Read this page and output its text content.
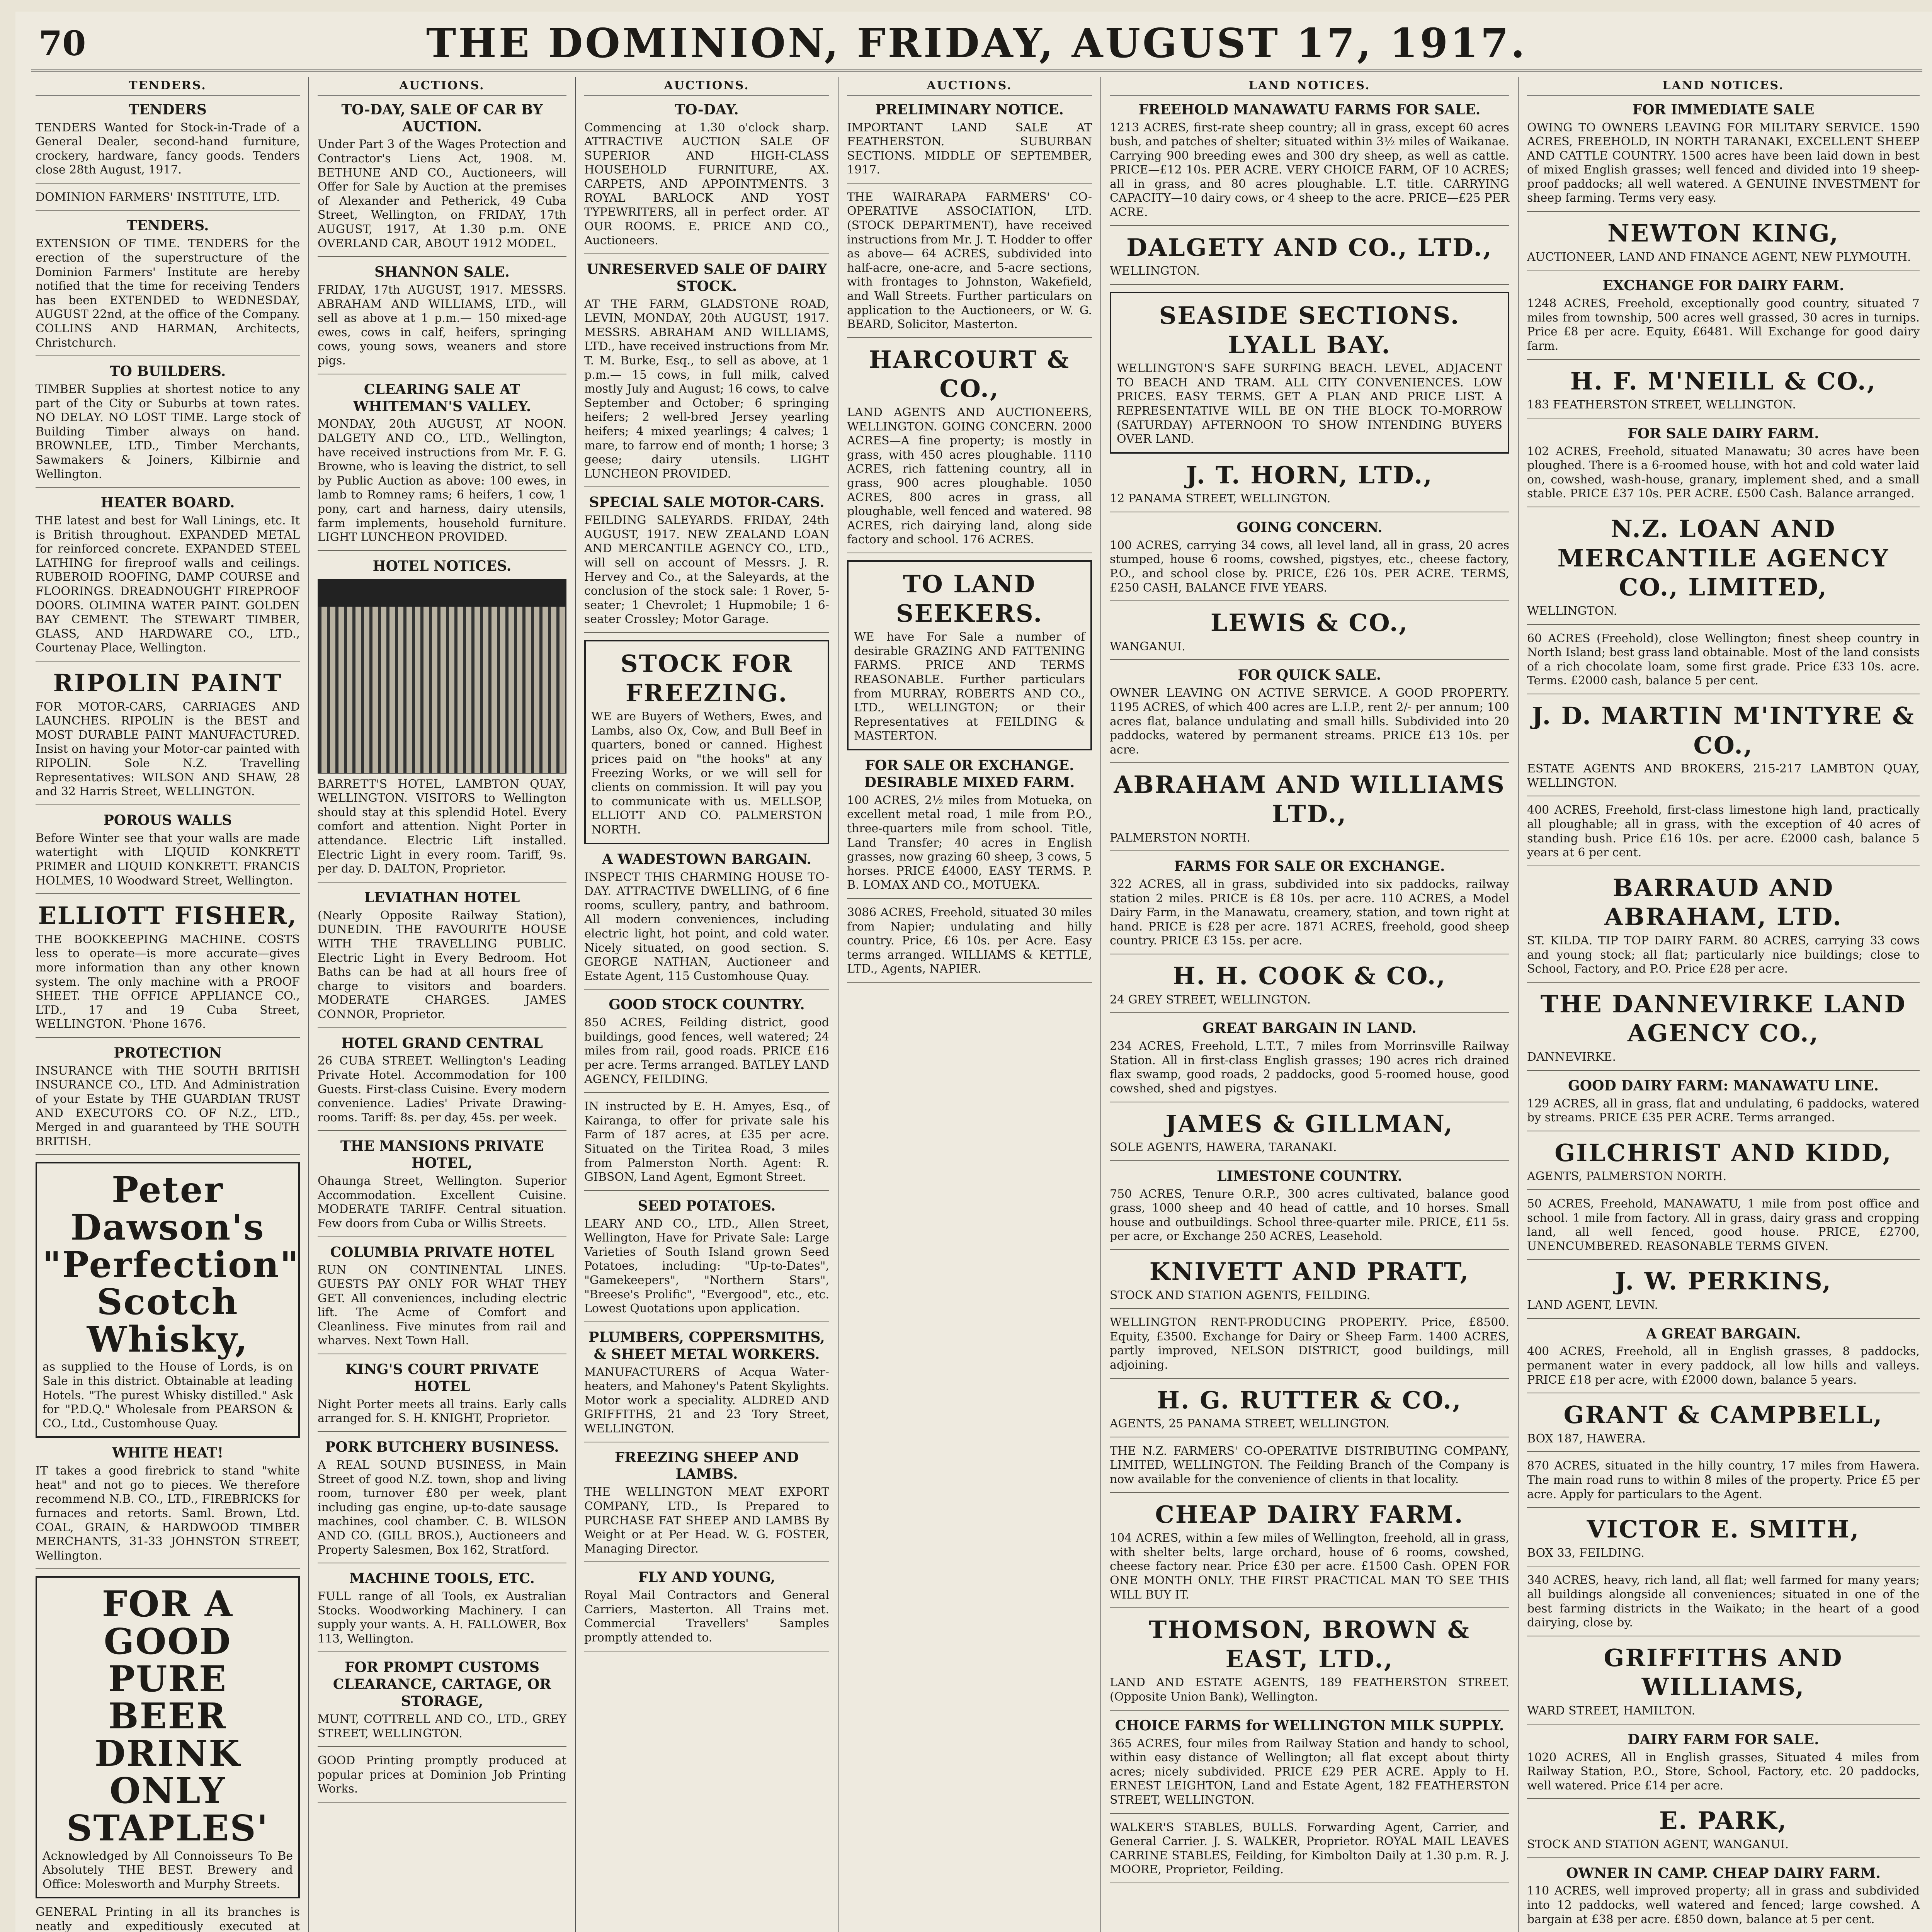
70	THE DOMINION, FRIDAY, AUGUST 17, 1917.
TENDERS.
TENDERS
TENDERS Wanted for Stock-in-Trade of a General Dealer, second-hand furniture, crockery, hardware, fancy goods. Tenders close 28th August, 1917.
DOMINION FARMERS' INSTITUTE, LTD.
TENDERS.
EXTENSION OF TIME. TENDERS for the erection of the superstructure of the Dominion Farmers' Institute are hereby notified that the time for receiving Tenders has been EXTENDED to WEDNESDAY, AUGUST 22nd, at the office of the Company. COLLINS AND HARMAN, Architects, Christchurch.
TO BUILDERS.
TIMBER Supplies at shortest notice to any part of the City or Suburbs at town rates. NO DELAY. NO LOST TIME. Large stock of Building Timber always on hand. BROWNLEE, LTD., Timber Merchants, Sawmakers & Joiners, Kilbirnie and Wellington.
HEATER BOARD.
THE latest and best for Wall Linings, etc. It is British throughout. EXPANDED METAL for reinforced concrete. EXPANDED STEEL LATHING for fireproof walls and ceilings. RUBEROID ROOFING, DAMP COURSE and FLOORINGS. DREADNOUGHT FIREPROOF DOORS. OLIMINA WATER PAINT. GOLDEN BAY CEMENT. The STEWART TIMBER, GLASS, AND HARDWARE CO., LTD., Courtenay Place, Wellington.
RIPOLIN PAINT
FOR MOTOR-CARS, CARRIAGES AND LAUNCHES. RIPOLIN is the BEST and MOST DURABLE PAINT MANUFACTURED. Insist on having your Motor-car painted with RIPOLIN. Sole N.Z. Travelling Representatives: WILSON AND SHAW, 28 and 32 Harris Street, WELLINGTON.
POROUS WALLS
Before Winter see that your walls are made watertight with LIQUID KONKRETT PRIMER and LIQUID KONKRETT. FRANCIS HOLMES, 10 Woodward Street, Wellington.
ELLIOTT FISHER,
THE BOOKKEEPING MACHINE. COSTS less to operate—is more accurate—gives more information than any other known system. The only machine with a PROOF SHEET. THE OFFICE APPLIANCE CO., LTD., 17 and 19 Cuba Street, WELLINGTON. 'Phone 1676.
PROTECTION
INSURANCE with THE SOUTH BRITISH INSURANCE CO., LTD. And Administration of your Estate by THE GUARDIAN TRUST AND EXECUTORS CO. OF N.Z., LTD., Merged in and guaranteed by THE SOUTH BRITISH.
Peter Dawson's "Perfection" Scotch Whisky,
as supplied to the House of Lords, is on Sale in this district. Obtainable at leading Hotels. "The purest Whisky distilled." Ask for "P.D.Q." Wholesale from PEARSON & CO., Ltd., Customhouse Quay.
WHITE HEAT!
IT takes a good firebrick to stand "white heat" and not go to pieces. We therefore recommend N.B. CO., LTD., FIREBRICKS for furnaces and retorts. Saml. Brown, Ltd. COAL, GRAIN, & HARDWOOD TIMBER MERCHANTS, 31-33 JOHNSTON STREET, Wellington.
FOR A GOOD PURE BEER DRINK ONLY STAPLES'
Acknowledged by All Connoisseurs To Be Absolutely THE BEST. Brewery and Office: Molesworth and Murphy Streets.
GENERAL Printing in all its branches is neatly and expeditiously executed at
AUCTIONS.
TO-DAY, SALE OF CAR BY AUCTION.
Under Part 3 of the Wages Protection and Contractor's Liens Act, 1908. M. BETHUNE AND CO., Auctioneers, will Offer for Sale by Auction at the premises of Alexander and Petherick, 49 Cuba Street, Wellington, on FRIDAY, 17th AUGUST, 1917, At 1.30 p.m. ONE OVERLAND CAR, ABOUT 1912 MODEL.
SHANNON SALE.
FRIDAY, 17th AUGUST, 1917. MESSRS. ABRAHAM AND WILLIAMS, LTD., will sell as above at 1 p.m.— 150 mixed-age ewes, cows in calf, heifers, springing cows, young sows, weaners and store pigs.
CLEARING SALE AT WHITEMAN'S VALLEY.
MONDAY, 20th AUGUST, AT NOON. DALGETY AND CO., LTD., Wellington, have received instructions from Mr. F. G. Browne, who is leaving the district, to sell by Public Auction as above: 100 ewes, in lamb to Romney rams; 6 heifers, 1 cow, 1 pony, cart and harness, dairy utensils, farm implements, household furniture. LIGHT LUNCHEON PROVIDED.
HOTEL NOTICES.
BARRETT'S HOTEL, LAMBTON QUAY, WELLINGTON. VISITORS to Wellington should stay at this splendid Hotel. Every comfort and attention. Night Porter in attendance. Electric Lift installed. Electric Light in every room. Tariff, 9s. per day. D. DALTON, Proprietor.
LEVIATHAN HOTEL
(Nearly Opposite Railway Station), DUNEDIN. THE FAVOURITE HOUSE WITH THE TRAVELLING PUBLIC. Electric Light in Every Bedroom. Hot Baths can be had at all hours free of charge to visitors and boarders. MODERATE CHARGES. JAMES CONNOR, Proprietor.
HOTEL GRAND CENTRAL
26 CUBA STREET. Wellington's Leading Private Hotel. Accommodation for 100 Guests. First-class Cuisine. Every modern convenience. Ladies' Private Drawing-rooms. Tariff: 8s. per day, 45s. per week.
THE MANSIONS PRIVATE HOTEL,
Ohaunga Street, Wellington. Superior Accommodation. Excellent Cuisine. MODERATE TARIFF. Central situation. Few doors from Cuba or Willis Streets.
COLUMBIA PRIVATE HOTEL
RUN ON CONTINENTAL LINES. GUESTS PAY ONLY FOR WHAT THEY GET. All conveniences, including electric lift. The Acme of Comfort and Cleanliness. Five minutes from rail and wharves. Next Town Hall.
KING'S COURT PRIVATE HOTEL
Night Porter meets all trains. Early calls arranged for. S. H. KNIGHT, Proprietor.
PORK BUTCHERY BUSINESS.
A REAL SOUND BUSINESS, in Main Street of good N.Z. town, shop and living room, turnover £80 per week, plant including gas engine, up-to-date sausage machines, cool chamber. C. B. WILSON AND CO. (GILL BROS.), Auctioneers and Property Salesmen, Box 162, Stratford.
MACHINE TOOLS, ETC.
FULL range of all Tools, ex Australian Stocks. Woodworking Machinery. I can supply your wants. A. H. FALLOWER, Box 113, Wellington.
FOR PROMPT CUSTOMS CLEARANCE, CARTAGE, OR STORAGE,
MUNT, COTTRELL AND CO., LTD., GREY STREET, WELLINGTON.
GOOD Printing promptly produced at popular prices at Dominion Job Printing Works.
AUCTIONS.
TO-DAY.
Commencing at 1.30 o'clock sharp. ATTRACTIVE AUCTION SALE OF SUPERIOR AND HIGH-CLASS HOUSEHOLD FURNITURE, AX. CARPETS, AND APPOINTMENTS. 3 ROYAL BARLOCK AND YOST TYPEWRITERS, all in perfect order. AT OUR ROOMS. E. PRICE AND CO., Auctioneers.
UNRESERVED SALE OF DAIRY STOCK.
AT THE FARM, GLADSTONE ROAD, LEVIN, MONDAY, 20th AUGUST, 1917. MESSRS. ABRAHAM AND WILLIAMS, LTD., have received instructions from Mr. T. M. Burke, Esq., to sell as above, at 1 p.m.— 15 cows, in full milk, calved mostly July and August; 16 cows, to calve September and October; 6 springing heifers; 2 well-bred Jersey yearling heifers; 4 mixed yearlings; 4 calves; 1 mare, to farrow end of month; 1 horse; 3 geese; dairy utensils. LIGHT LUNCHEON PROVIDED.
SPECIAL SALE MOTOR-CARS.
FEILDING SALEYARDS. FRIDAY, 24th AUGUST, 1917. NEW ZEALAND LOAN AND MERCANTILE AGENCY CO., LTD., will sell on account of Messrs. J. R. Hervey and Co., at the Saleyards, at the conclusion of the stock sale: 1 Rover, 5-seater; 1 Chevrolet; 1 Hupmobile; 1 6-seater Crossley; Motor Garage.
STOCK FOR FREEZING.
WE are Buyers of Wethers, Ewes, and Lambs, also Ox, Cow, and Bull Beef in quarters, boned or canned. Highest prices paid on "the hooks" at any Freezing Works, or we will sell for clients on commission. It will pay you to communicate with us. MELLSOP, ELLIOTT AND CO. PALMERSTON NORTH.
A WADESTOWN BARGAIN.
INSPECT THIS CHARMING HOUSE TO-DAY. ATTRACTIVE DWELLING, of 6 fine rooms, scullery, pantry, and bathroom. All modern conveniences, including electric light, hot point, and cold water. Nicely situated, on good section. S. GEORGE NATHAN, Auctioneer and Estate Agent, 115 Customhouse Quay.
GOOD STOCK COUNTRY.
850 ACRES, Feilding district, good buildings, good fences, well watered; 24 miles from rail, good roads. PRICE £16 per acre. Terms arranged. BATLEY LAND AGENCY, FEILDING.
IN instructed by E. H. Amyes, Esq., of Kairanga, to offer for private sale his Farm of 187 acres, at £35 per acre. Situated on the Tiritea Road, 3 miles from Palmerston North. Agent: R. GIBSON, Land Agent, Egmont Street.
SEED POTATOES.
LEARY AND CO., LTD., Allen Street, Wellington, Have for Private Sale: Large Varieties of South Island grown Seed Potatoes, including: "Up-to-Dates", "Gamekeepers", "Northern Stars", "Breese's Prolific", "Evergood", etc., etc. Lowest Quotations upon application.
PLUMBERS, COPPERSMITHS, & SHEET METAL WORKERS.
MANUFACTURERS of Acqua Water-heaters, and Mahoney's Patent Skylights. Motor work a speciality. ALDRED AND GRIFFITHS, 21 and 23 Tory Street, WELLINGTON.
FREEZING SHEEP AND LAMBS.
THE WELLINGTON MEAT EXPORT COMPANY, LTD., Is Prepared to PURCHASE FAT SHEEP AND LAMBS By Weight or at Per Head. W. G. FOSTER, Managing Director.
FLY AND YOUNG,
Royal Mail Contractors and General Carriers, Masterton. All Trains met. Commercial Travellers' Samples promptly attended to.
AUCTIONS.
PRELIMINARY NOTICE.
IMPORTANT LAND SALE AT FEATHERSTON. SUBURBAN SECTIONS. MIDDLE OF SEPTEMBER, 1917.
THE WAIRARAPA FARMERS' CO-OPERATIVE ASSOCIATION, LTD. (STOCK DEPARTMENT), have received instructions from Mr. J. T. Hodder to offer as above— 64 ACRES, subdivided into half-acre, one-acre, and 5-acre sections, with frontages to Johnston, Wakefield, and Wall Streets. Further particulars on application to the Auctioneers, or W. G. BEARD, Solicitor, Masterton.
HARCOURT & CO.,
LAND AGENTS AND AUCTIONEERS, WELLINGTON. GOING CONCERN. 2000 ACRES—A fine property; is mostly in grass, with 450 acres ploughable. 1110 ACRES, rich fattening country, all in grass, 900 acres ploughable. 1050 ACRES, 800 acres in grass, all ploughable, well fenced and watered. 98 ACRES, rich dairying land, along side factory and school. 176 ACRES.
TO LAND SEEKERS.
WE have For Sale a number of desirable GRAZING AND FATTENING FARMS. PRICE AND TERMS REASONABLE. Further particulars from MURRAY, ROBERTS AND CO., LTD., WELLINGTON; or their Representatives at FEILDING & MASTERTON.
FOR SALE OR EXCHANGE. DESIRABLE MIXED FARM.
100 ACRES, 2½ miles from Motueka, on excellent metal road, 1 mile from P.O., three-quarters mile from school. Title, Land Transfer; 40 acres in English grasses, now grazing 60 sheep, 3 cows, 5 horses. PRICE £4000, EASY TERMS. P. B. LOMAX AND CO., MOTUEKA.
3086 ACRES, Freehold, situated 30 miles from Napier; undulating and hilly country. Price, £6 10s. per Acre. Easy terms arranged. WILLIAMS & KETTLE, LTD., Agents, NAPIER.
LAND NOTICES.
FREEHOLD MANAWATU FARMS FOR SALE.
1213 ACRES, first-rate sheep country; all in grass, except 60 acres bush, and patches of shelter; situated within 3½ miles of Waikanae. Carrying 900 breeding ewes and 300 dry sheep, as well as cattle. PRICE—£12 10s. PER ACRE. VERY CHOICE FARM, OF 10 ACRES; all in grass, and 80 acres ploughable. L.T. title. CARRYING CAPACITY—10 dairy cows, or 4 sheep to the acre. PRICE—£25 PER ACRE.
DALGETY AND CO., LTD.,
WELLINGTON.
SEASIDE SECTIONS. LYALL BAY.
WELLINGTON'S SAFE SURFING BEACH. LEVEL, ADJACENT TO BEACH AND TRAM. ALL CITY CONVENIENCES. LOW PRICES. EASY TERMS. GET A PLAN AND PRICE LIST. A REPRESENTATIVE WILL BE ON THE BLOCK TO-MORROW (SATURDAY) AFTERNOON TO SHOW INTENDING BUYERS OVER LAND.
J. T. HORN, LTD.,
12 PANAMA STREET, WELLINGTON.
GOING CONCERN.
100 ACRES, carrying 34 cows, all level land, all in grass, 20 acres stumped, house 6 rooms, cowshed, pigstyes, etc., cheese factory, P.O., and school close by. PRICE, £26 10s. PER ACRE. TERMS, £250 CASH, BALANCE FIVE YEARS.
LEWIS & CO.,
WANGANUI.
FOR QUICK SALE.
OWNER LEAVING ON ACTIVE SERVICE. A GOOD PROPERTY. 1195 ACRES, of which 400 acres are L.I.P., rent 2/- per annum; 100 acres flat, balance undulating and small hills. Subdivided into 20 paddocks, watered by permanent streams. PRICE £13 10s. per acre.
ABRAHAM AND WILLIAMS LTD.,
PALMERSTON NORTH.
FARMS FOR SALE OR EXCHANGE.
322 ACRES, all in grass, subdivided into six paddocks, railway station 2 miles. PRICE is £8 10s. per acre. 110 ACRES, a Model Dairy Farm, in the Manawatu, creamery, station, and town right at hand. PRICE is £28 per acre. 1871 ACRES, freehold, good sheep country. PRICE £3 15s. per acre.
H. H. COOK & CO.,
24 GREY STREET, WELLINGTON.
GREAT BARGAIN IN LAND.
234 ACRES, Freehold, L.T.T., 7 miles from Morrinsville Railway Station. All in first-class English grasses; 190 acres rich drained flax swamp, good roads, 2 paddocks, good 5-roomed house, good cowshed, shed and pigstyes.
JAMES & GILLMAN,
SOLE AGENTS, HAWERA, TARANAKI.
LIMESTONE COUNTRY.
750 ACRES, Tenure O.R.P., 300 acres cultivated, balance good grass, 1000 sheep and 40 head of cattle, and 10 horses. Small house and outbuildings. School three-quarter mile. PRICE, £11 5s. per acre, or Exchange 250 ACRES, Leasehold.
KNIVETT AND PRATT,
STOCK AND STATION AGENTS, FEILDING.
WELLINGTON RENT-PRODUCING PROPERTY. Price, £8500. Equity, £3500. Exchange for Dairy or Sheep Farm. 1400 ACRES, partly improved, NELSON DISTRICT, good buildings, mill adjoining.
H. G. RUTTER & CO.,
AGENTS, 25 PANAMA STREET, WELLINGTON.
THE N.Z. FARMERS' CO-OPERATIVE DISTRIBUTING COMPANY, LIMITED, WELLINGTON. The Feilding Branch of the Company is now available for the convenience of clients in that locality.
CHEAP DAIRY FARM.
104 ACRES, within a few miles of Wellington, freehold, all in grass, with shelter belts, large orchard, house of 6 rooms, cowshed, cheese factory near. Price £30 per acre. £1500 Cash. OPEN FOR ONE MONTH ONLY. THE FIRST PRACTICAL MAN TO SEE THIS WILL BUY IT.
THOMSON, BROWN & EAST, LTD.,
LAND AND ESTATE AGENTS, 189 FEATHERSTON STREET. (Opposite Union Bank), Wellington.
CHOICE FARMS for WELLINGTON MILK SUPPLY.
365 ACRES, four miles from Railway Station and handy to school, within easy distance of Wellington; all flat except about thirty acres; nicely subdivided. PRICE £29 PER ACRE. Apply to H. ERNEST LEIGHTON, Land and Estate Agent, 182 FEATHERSTON STREET, WELLINGTON.
WALKER'S STABLES, BULLS. Forwarding Agent, Carrier, and General Carrier. J. S. WALKER, Proprietor. ROYAL MAIL LEAVES CARRINE STABLES, Feilding, for Kimbolton Daily at 1.30 p.m. R. J. MOORE, Proprietor, Feilding.
LAND NOTICES.
FOR IMMEDIATE SALE
OWING TO OWNERS LEAVING FOR MILITARY SERVICE. 1590 ACRES, FREEHOLD, IN NORTH TARANAKI, EXCELLENT SHEEP AND CATTLE COUNTRY. 1500 acres have been laid down in best of mixed English grasses; well fenced and divided into 19 sheep-proof paddocks; all well watered. A GENUINE INVESTMENT for sheep farming. Terms very easy.
NEWTON KING,
AUCTIONEER, LAND AND FINANCE AGENT, NEW PLYMOUTH.
EXCHANGE FOR DAIRY FARM.
1248 ACRES, Freehold, exceptionally good country, situated 7 miles from township, 500 acres well grassed, 30 acres in turnips. Price £8 per acre. Equity, £6481. Will Exchange for good dairy farm.
H. F. M'NEILL & CO.,
183 FEATHERSTON STREET, WELLINGTON.
FOR SALE DAIRY FARM.
102 ACRES, Freehold, situated Manawatu; 30 acres have been ploughed. There is a 6-roomed house, with hot and cold water laid on, cowshed, wash-house, granary, implement shed, and a small stable. PRICE £37 10s. PER ACRE. £500 Cash. Balance arranged.
N.Z. LOAN AND MERCANTILE AGENCY CO., LIMITED,
WELLINGTON.
60 ACRES (Freehold), close Wellington; finest sheep country in North Island; best grass land obtainable. Most of the land consists of a rich chocolate loam, some first grade. Price £33 10s. acre. Terms. £2000 cash, balance 5 per cent.
J. D. MARTIN M'INTYRE & CO.,
ESTATE AGENTS AND BROKERS, 215-217 LAMBTON QUAY, WELLINGTON.
400 ACRES, Freehold, first-class limestone high land, practically all ploughable; all in grass, with the exception of 40 acres of standing bush. Price £16 10s. per acre. £2000 cash, balance 5 years at 6 per cent.
BARRAUD AND ABRAHAM, LTD.
ST. KILDA. TIP TOP DAIRY FARM. 80 ACRES, carrying 33 cows and young stock; all flat; particularly nice buildings; close to School, Factory, and P.O. Price £28 per acre.
THE DANNEVIRKE LAND AGENCY CO.,
DANNEVIRKE.
GOOD DAIRY FARM: MANAWATU LINE.
129 ACRES, all in grass, flat and undulating, 6 paddocks, watered by streams. PRICE £35 PER ACRE. Terms arranged.
GILCHRIST AND KIDD,
AGENTS, PALMERSTON NORTH.
50 ACRES, Freehold, MANAWATU, 1 mile from post office and school. 1 mile from factory. All in grass, dairy grass and cropping land, all well fenced, good house. PRICE, £2700, UNENCUMBERED. REASONABLE TERMS GIVEN.
J. W. PERKINS,
LAND AGENT, LEVIN.
A GREAT BARGAIN.
400 ACRES, Freehold, all in English grasses, 8 paddocks, permanent water in every paddock, all low hills and valleys. PRICE £18 per acre, with £2000 down, balance 5 years.
GRANT & CAMPBELL,
BOX 187, HAWERA.
870 ACRES, situated in the hilly country, 17 miles from Hawera. The main road runs to within 8 miles of the property. Price £5 per acre. Apply for particulars to the Agent.
VICTOR E. SMITH,
BOX 33, FEILDING.
340 ACRES, heavy, rich land, all flat; well farmed for many years; all buildings alongside all conveniences; situated in one of the best farming districts in the Waikato; in the heart of a good dairying, close by.
GRIFFITHS AND WILLIAMS,
WARD STREET, HAMILTON.
DAIRY FARM FOR SALE.
1020 ACRES, All in English grasses, Situated 4 miles from Railway Station, P.O., Store, School, Factory, etc. 20 paddocks, well watered. Price £14 per acre.
E. PARK,
STOCK AND STATION AGENT, WANGANUI.
OWNER IN CAMP. CHEAP DAIRY FARM.
110 ACRES, well improved property; all in grass and subdivided into 12 paddocks, well watered and fenced; large cowshed. A bargain at £38 per acre. £850 down, balance at 5 per cent.
